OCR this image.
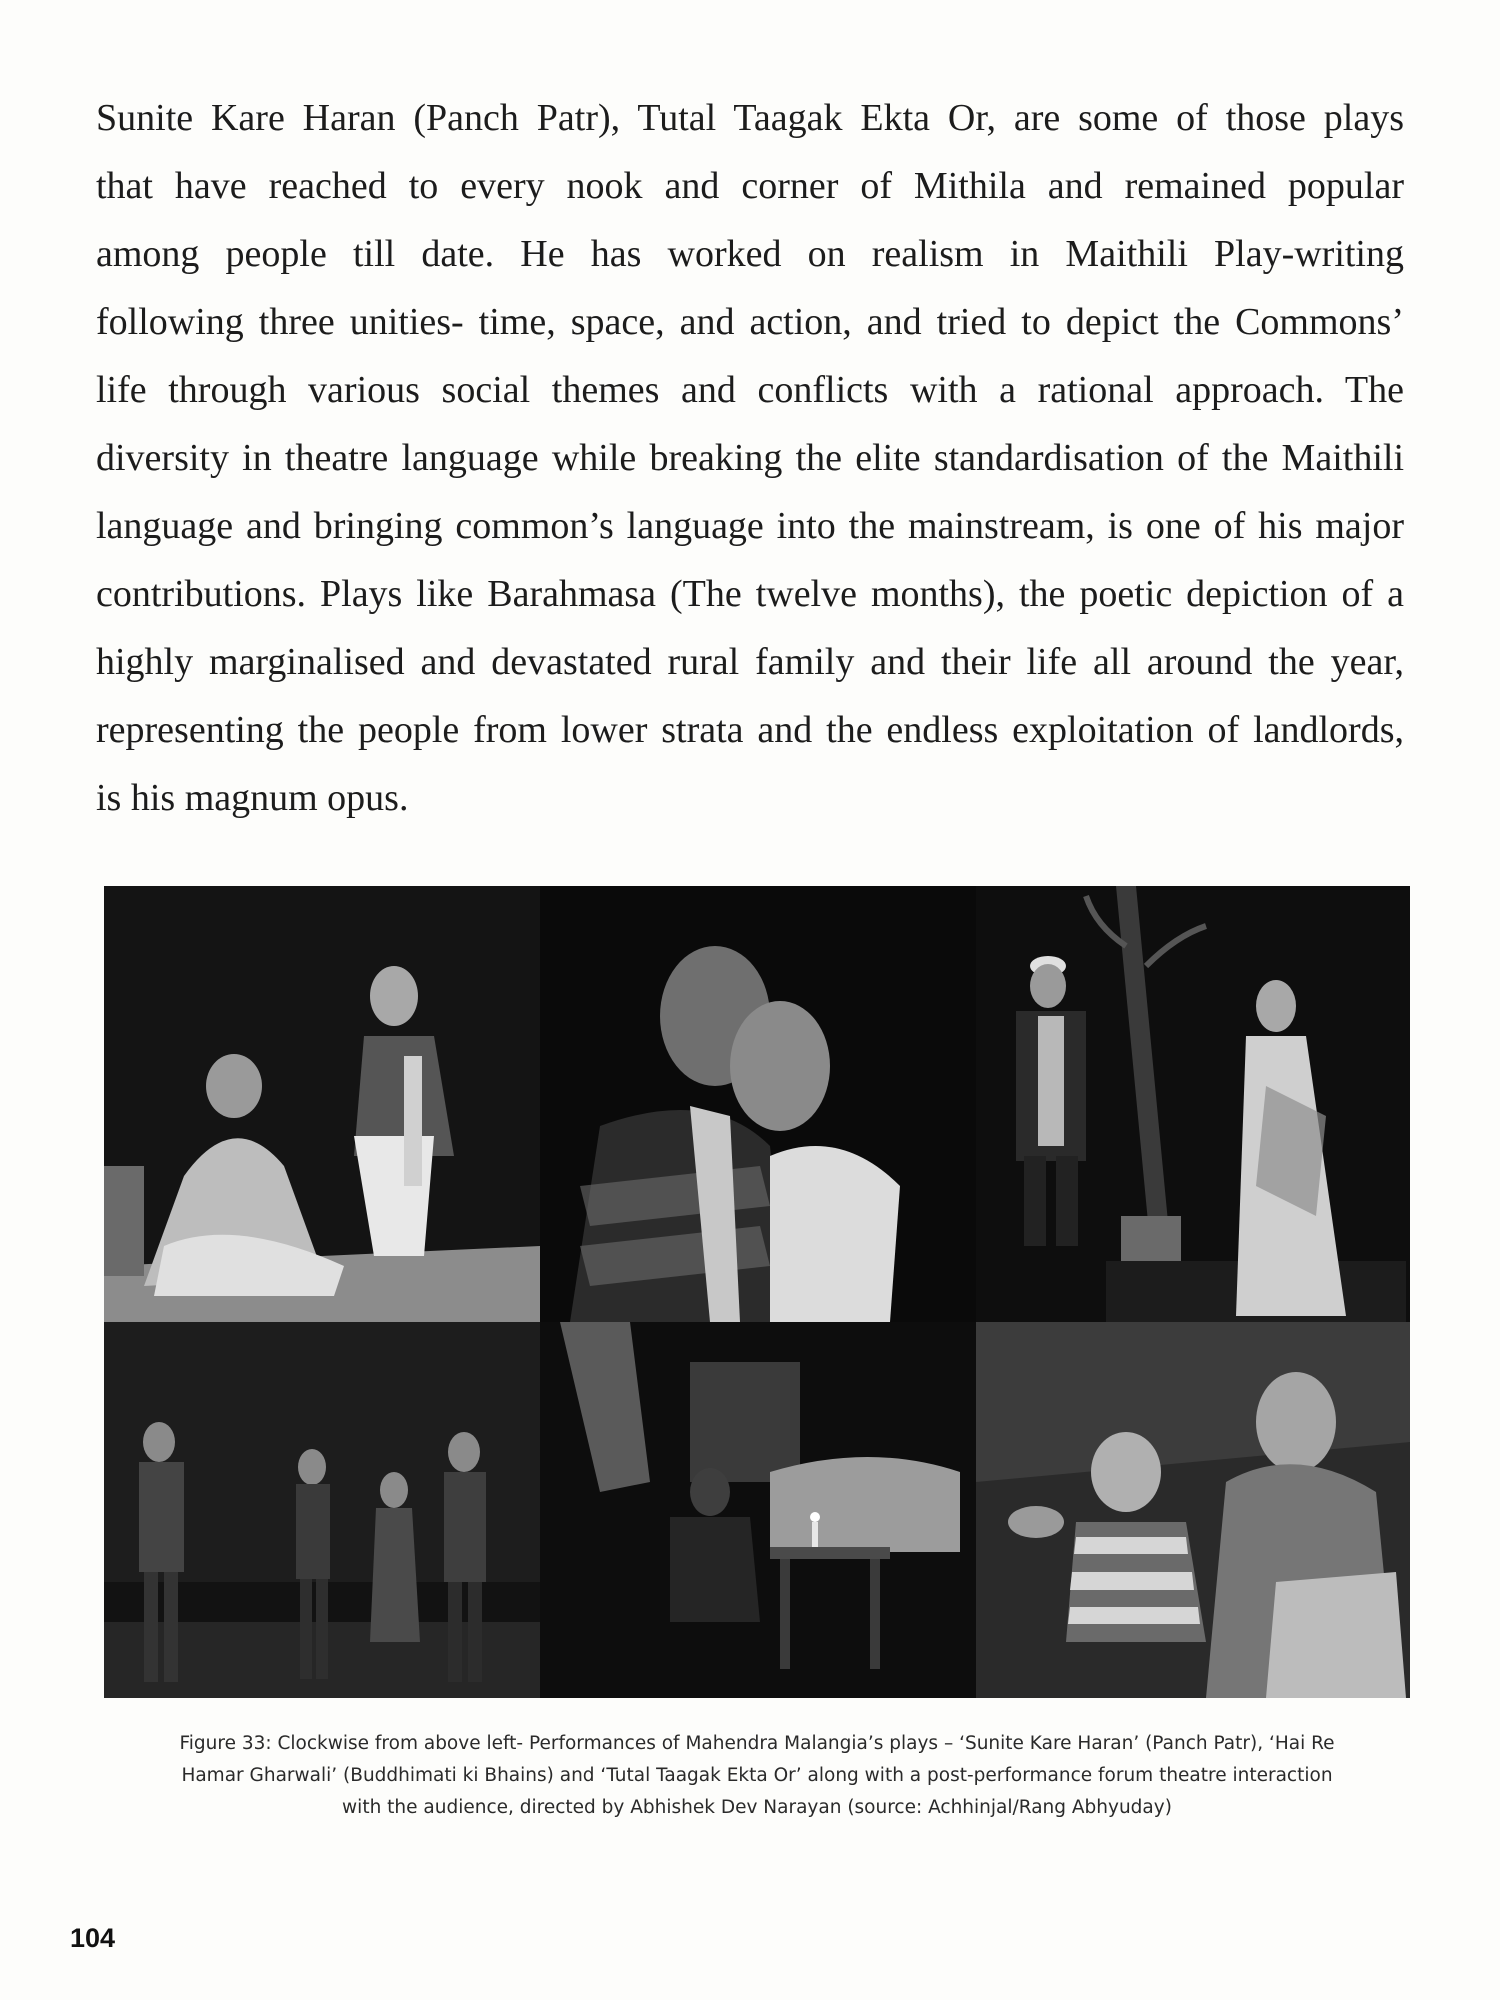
Sunite Kare Haran (Panch Patr), Tutal Taagak Ekta Or, are some of those plays
that have reached to every nook and corner of Mithila and remained popular
among people till date. He has worked on realism in Maithili Play-writing
following three unities- time, space, and action, and tried to depict the Commons’
life through various social themes and conflicts with a rational approach. The
diversity in theatre language while breaking the elite standardisation of the Maithili
language and bringing common’s language into the mainstream, is one of his major
contributions. Plays like Barahmasa (The twelve months), the poetic depiction of a
highly marginalised and devastated rural family and their life all around the year,
representing the people from lower strata and the endless exploitation of landlords,
is his magnum opus.
Figure 33: Clockwise from above left- Performances of Mahendra Malangia’s plays – ‘Sunite Kare Haran’ (Panch Patr), ‘Hai Re
Hamar Gharwali’ (Buddhimati ki Bhains) and ‘Tutal Taagak Ekta Or’ along with a post-performance forum theatre interaction
with the audience, directed by Abhishek Dev Narayan (source: Achhinjal/Rang Abhyuday)
104
